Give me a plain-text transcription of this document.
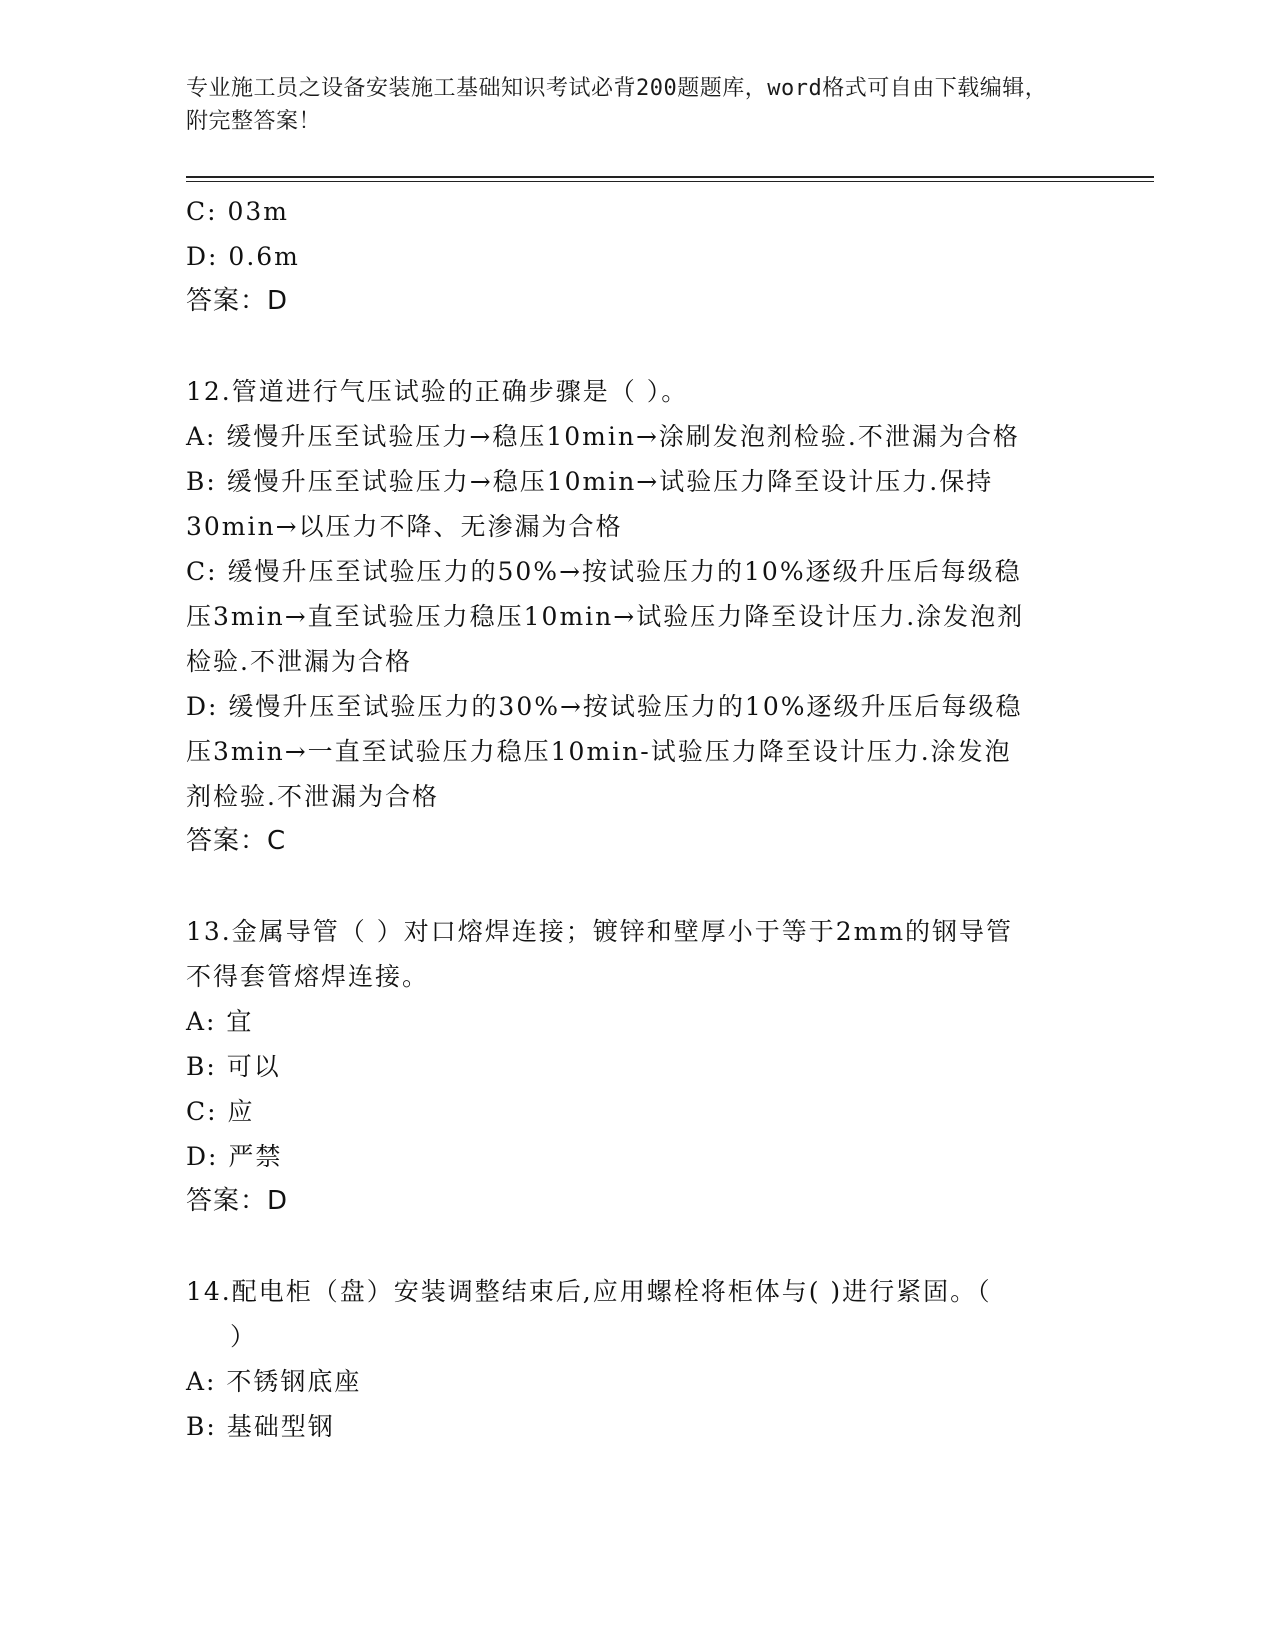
专业施工员之设备安装施工基础知识考试必背200题题库，word格式可自由下载编辑，附完整答案！
C: 03m
D: 0.6m
答案：D
12.管道进行气压试验的正确步骤是（ ）。
A: 缓慢升压至试验压力→稳压10min→涂刷发泡剂检验.不泄漏为合格
B: 缓慢升压至试验压力→稳压10min→试验压力降至设计压力.保持
30min→以压力不降、无渗漏为合格
C: 缓慢升压至试验压力的50%→按试验压力的10%逐级升压后每级稳
压3min→直至试验压力稳压10min→试验压力降至设计压力.涂发泡剂
检验.不泄漏为合格
D: 缓慢升压至试验压力的30%→按试验压力的10%逐级升压后每级稳
压3min→一直至试验压力稳压10min-试验压力降至设计压力.涂发泡
剂检验.不泄漏为合格
答案：C
13.金属导管（ ）对口熔焊连接；镀锌和壁厚小于等于2mm的钢导管
不得套管熔焊连接。
A: 宜
B: 可以
C: 应
D: 严禁
答案：D
14.配电柜（盘）安装调整结束后,应用螺栓将柜体与( )进行紧固。（
）
A: 不锈钢底座
B: 基础型钢
